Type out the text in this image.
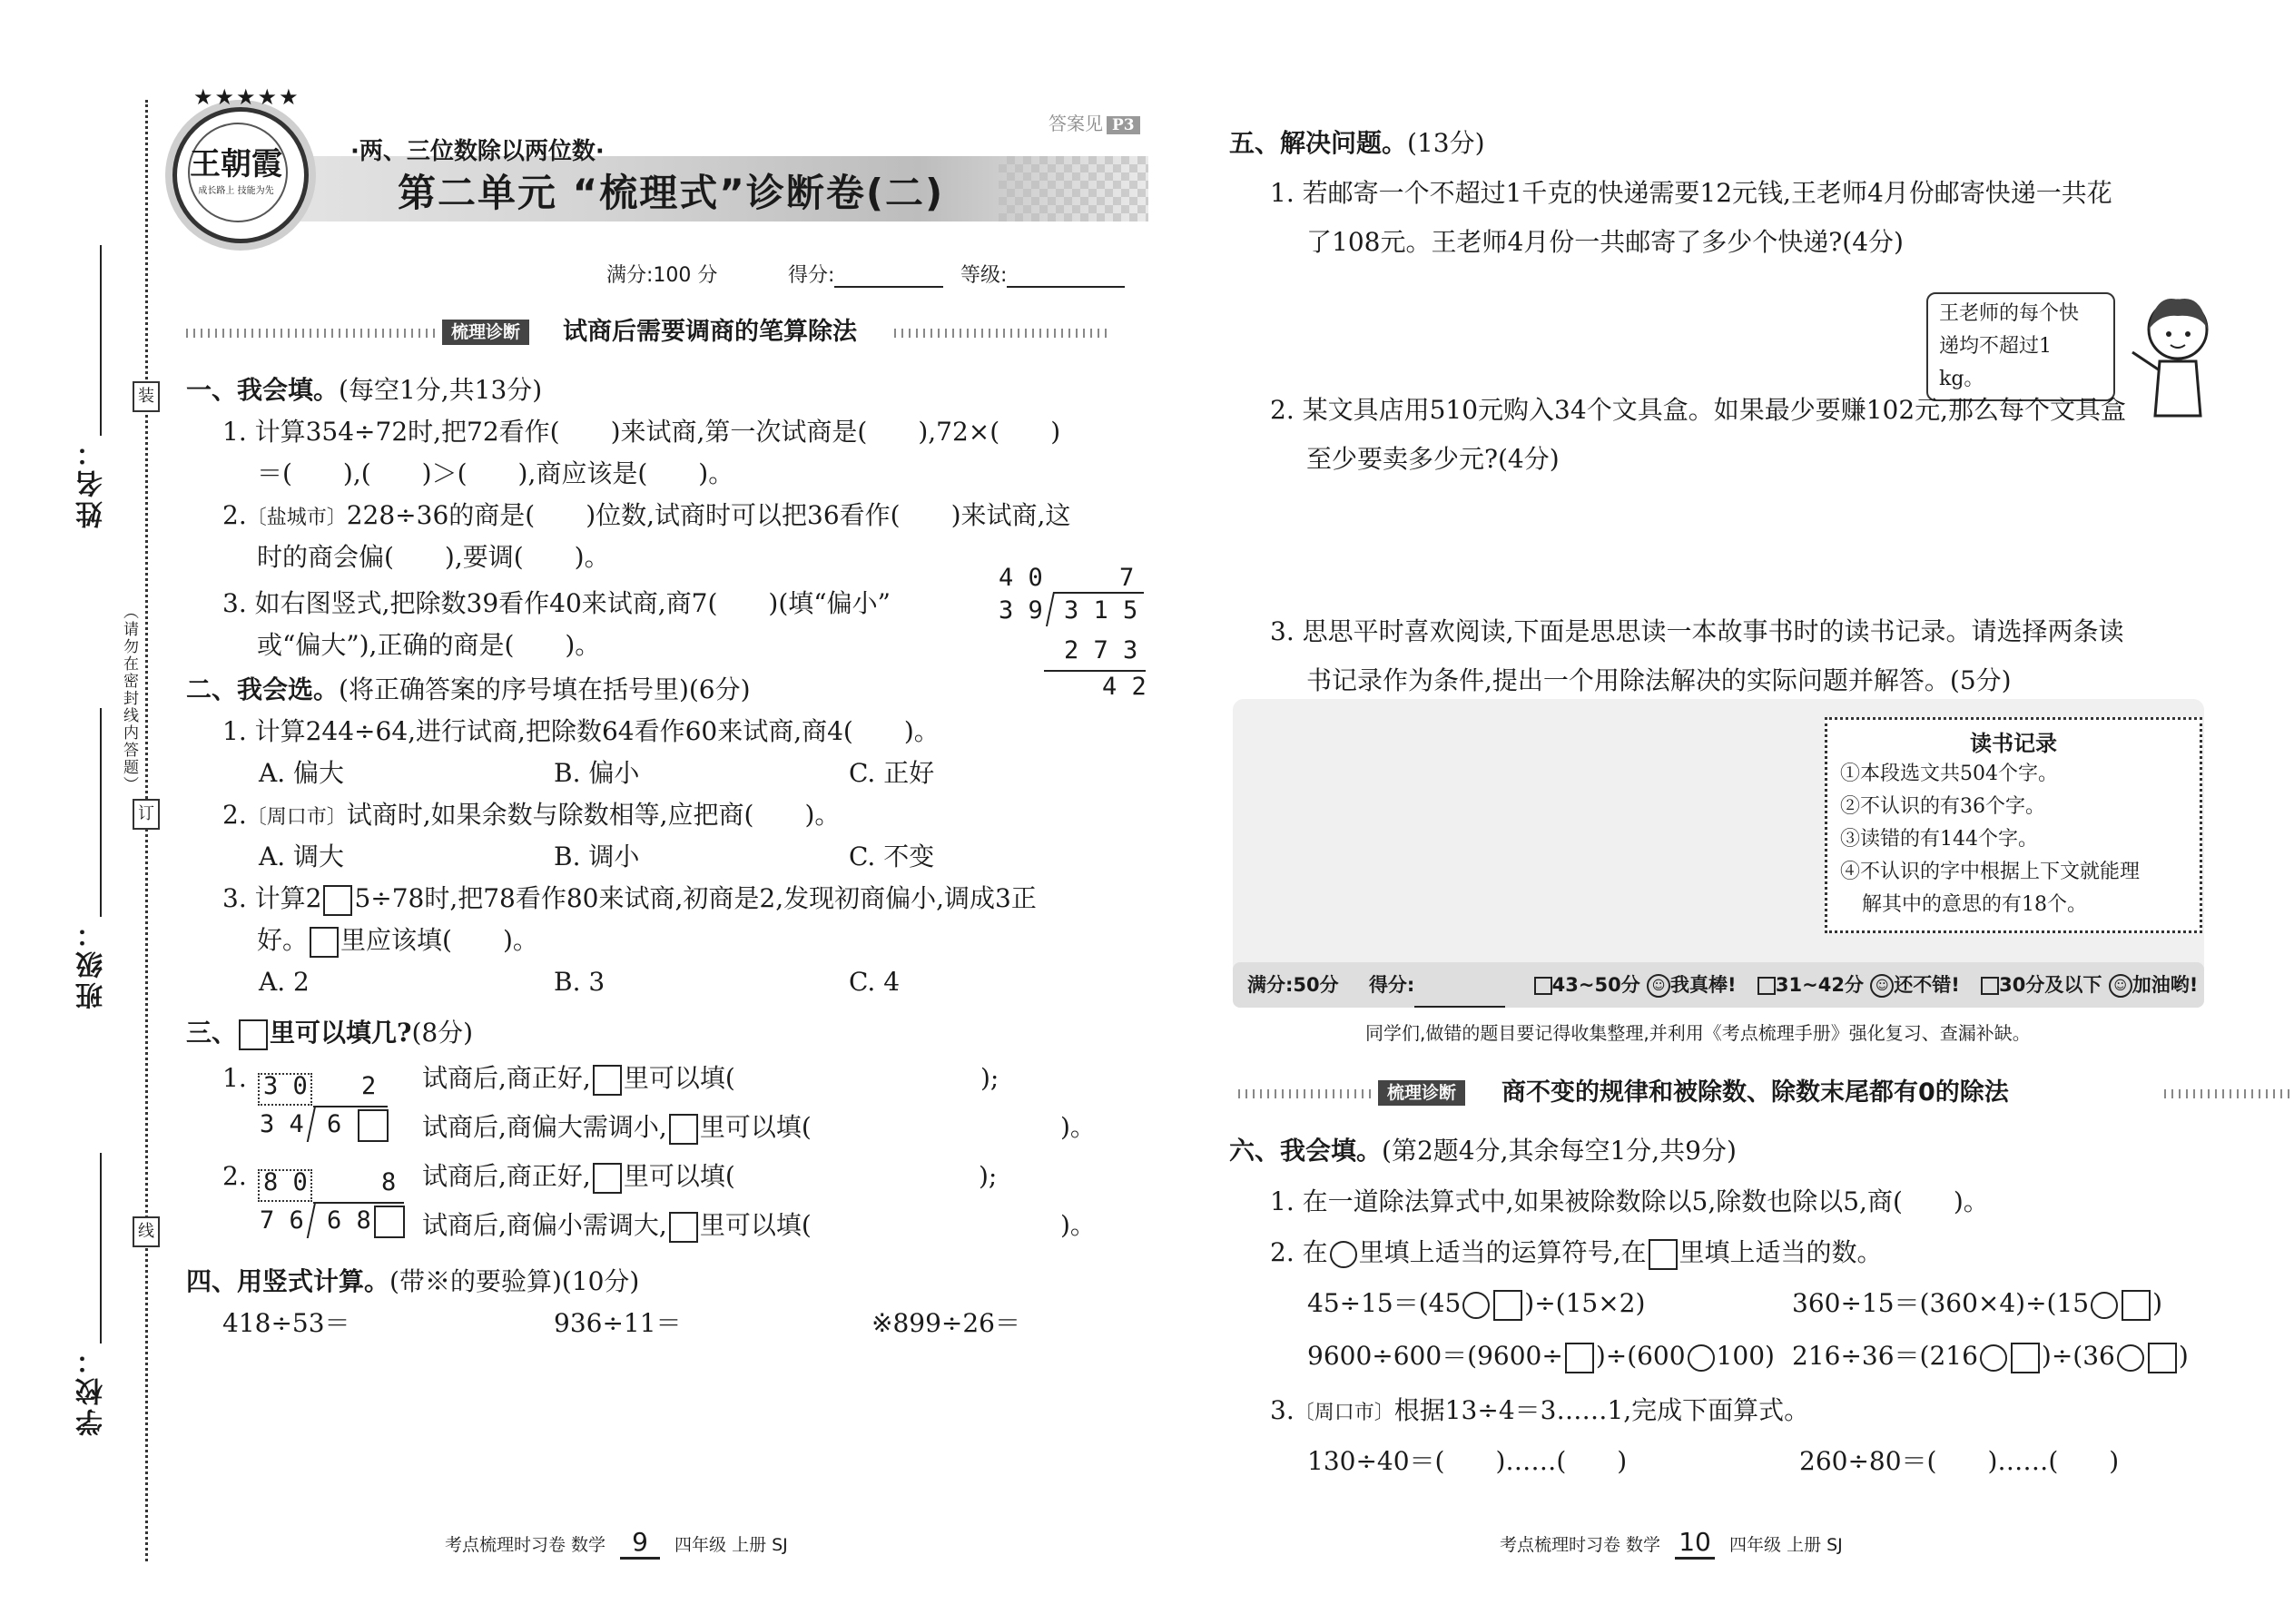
装
订
线
（请勿在密封线内答题）
姓名：
班级：
学校：
★★★★★
王朝霞
成长路上 技能为先
·两、三位数除以两位数·
第二单元 “梳理式”诊断卷(二)
答案见 P3
满分:100 分	得分:	等级:
梳理诊断	试商后需要调商的笔算除法
一、我会填。(每空1分,共13分)
1. 计算354÷72时,把72看作(　　)来试商,第一次试商是(　　),72×(　　)
＝(　　),(　　)＞(　　),商应该是(　　)。
2.〔盐城市〕228÷36的商是(　　)位数,试商时可以把36看作(　　)来试商,这
时的商会偏(　　),要调(　　)。
3. 如右图竖式,把除数39看作40来试商,商7(　　)(填“偏小”
或“偏大”),正确的商是(　　)。
4 0	7
3 9 3 1 5
2 7 3
4 2
二、我会选。(将正确答案的序号填在括号里)(6分)
1. 计算244÷64,进行试商,把除数64看作60来试商,商4(　　)。
A. 偏大	B. 偏小	C. 正好
2.〔周口市〕试商时,如果余数与除数相等,应把商(　　)。
A. 调大	B. 调小	C. 不变
3. 计算2 5÷78时,把78看作80来试商,初商是2,发现初商偏小,调成3正
好。 里应该填(　　)。
A. 2	B. 3	C. 4
三、 里可以填几?(8分)
1. 3 0 2
3 4 6
试商后,商正好, 里可以填(	);
试商后,商偏大需调小, 里可以填(	)。
2. 8 0	8
7 6 6 8
试商后,商正好, 里可以填(	);
试商后,商偏小需调大, 里可以填(	)。
四、用竖式计算。(带※的要验算)(10分)
418÷53＝	936÷11＝	※899÷26＝
考点梳理时习卷 数学 9 四年级 上册 SJ
五、解决问题。(13分)
1. 若邮寄一个不超过1千克的快递需要12元钱,王老师4月份邮寄快递一共花
了108元。王老师4月份一共邮寄了多少个快递?(4分)
王老师的每个快
递均不超过1 kg。
2. 某文具店用510元购入34个文具盒。如果最少要赚102元,那么每个文具盒
至少要卖多少元?(4分)
3. 思思平时喜欢阅读,下面是思思读一本故事书时的读书记录。请选择两条读
书记录作为条件,提出一个用除法解决的实际问题并解答。(5分)
读书记录
①本段选文共504个字。
②不认识的有36个字。
③读错的有144个字。
④不认识的字中根据上下文就能理
解其中的意思的有18个。
满分:50分 得分:	43~50分 ☺ 我真棒! 31~42分 ☺ 还不错! 30分及以下 ☺ 加油哟!
同学们,做错的题目要记得收集整理,并利用《考点梳理手册》强化复习、查漏补缺。
梳理诊断	商不变的规律和被除数、除数末尾都有0的除法
六、我会填。(第2题4分,其余每空1分,共9分)
1. 在一道除法算式中,如果被除数除以5,除数也除以5,商(　　)。
2. 在 里填上适当的运算符号,在 里填上适当的数。
45÷15＝(45	)÷(15×2)	360÷15＝(360×4)÷(15	)
9600÷600＝(9600÷ )÷(600 100) 216÷36＝(216	)÷(36	)
3.〔周口市〕根据13÷4＝3……1,完成下面算式。
130÷40＝(　　)……(　　)	260÷80＝(　　)……(　　)
考点梳理时习卷 数学 10 四年级 上册 SJ
